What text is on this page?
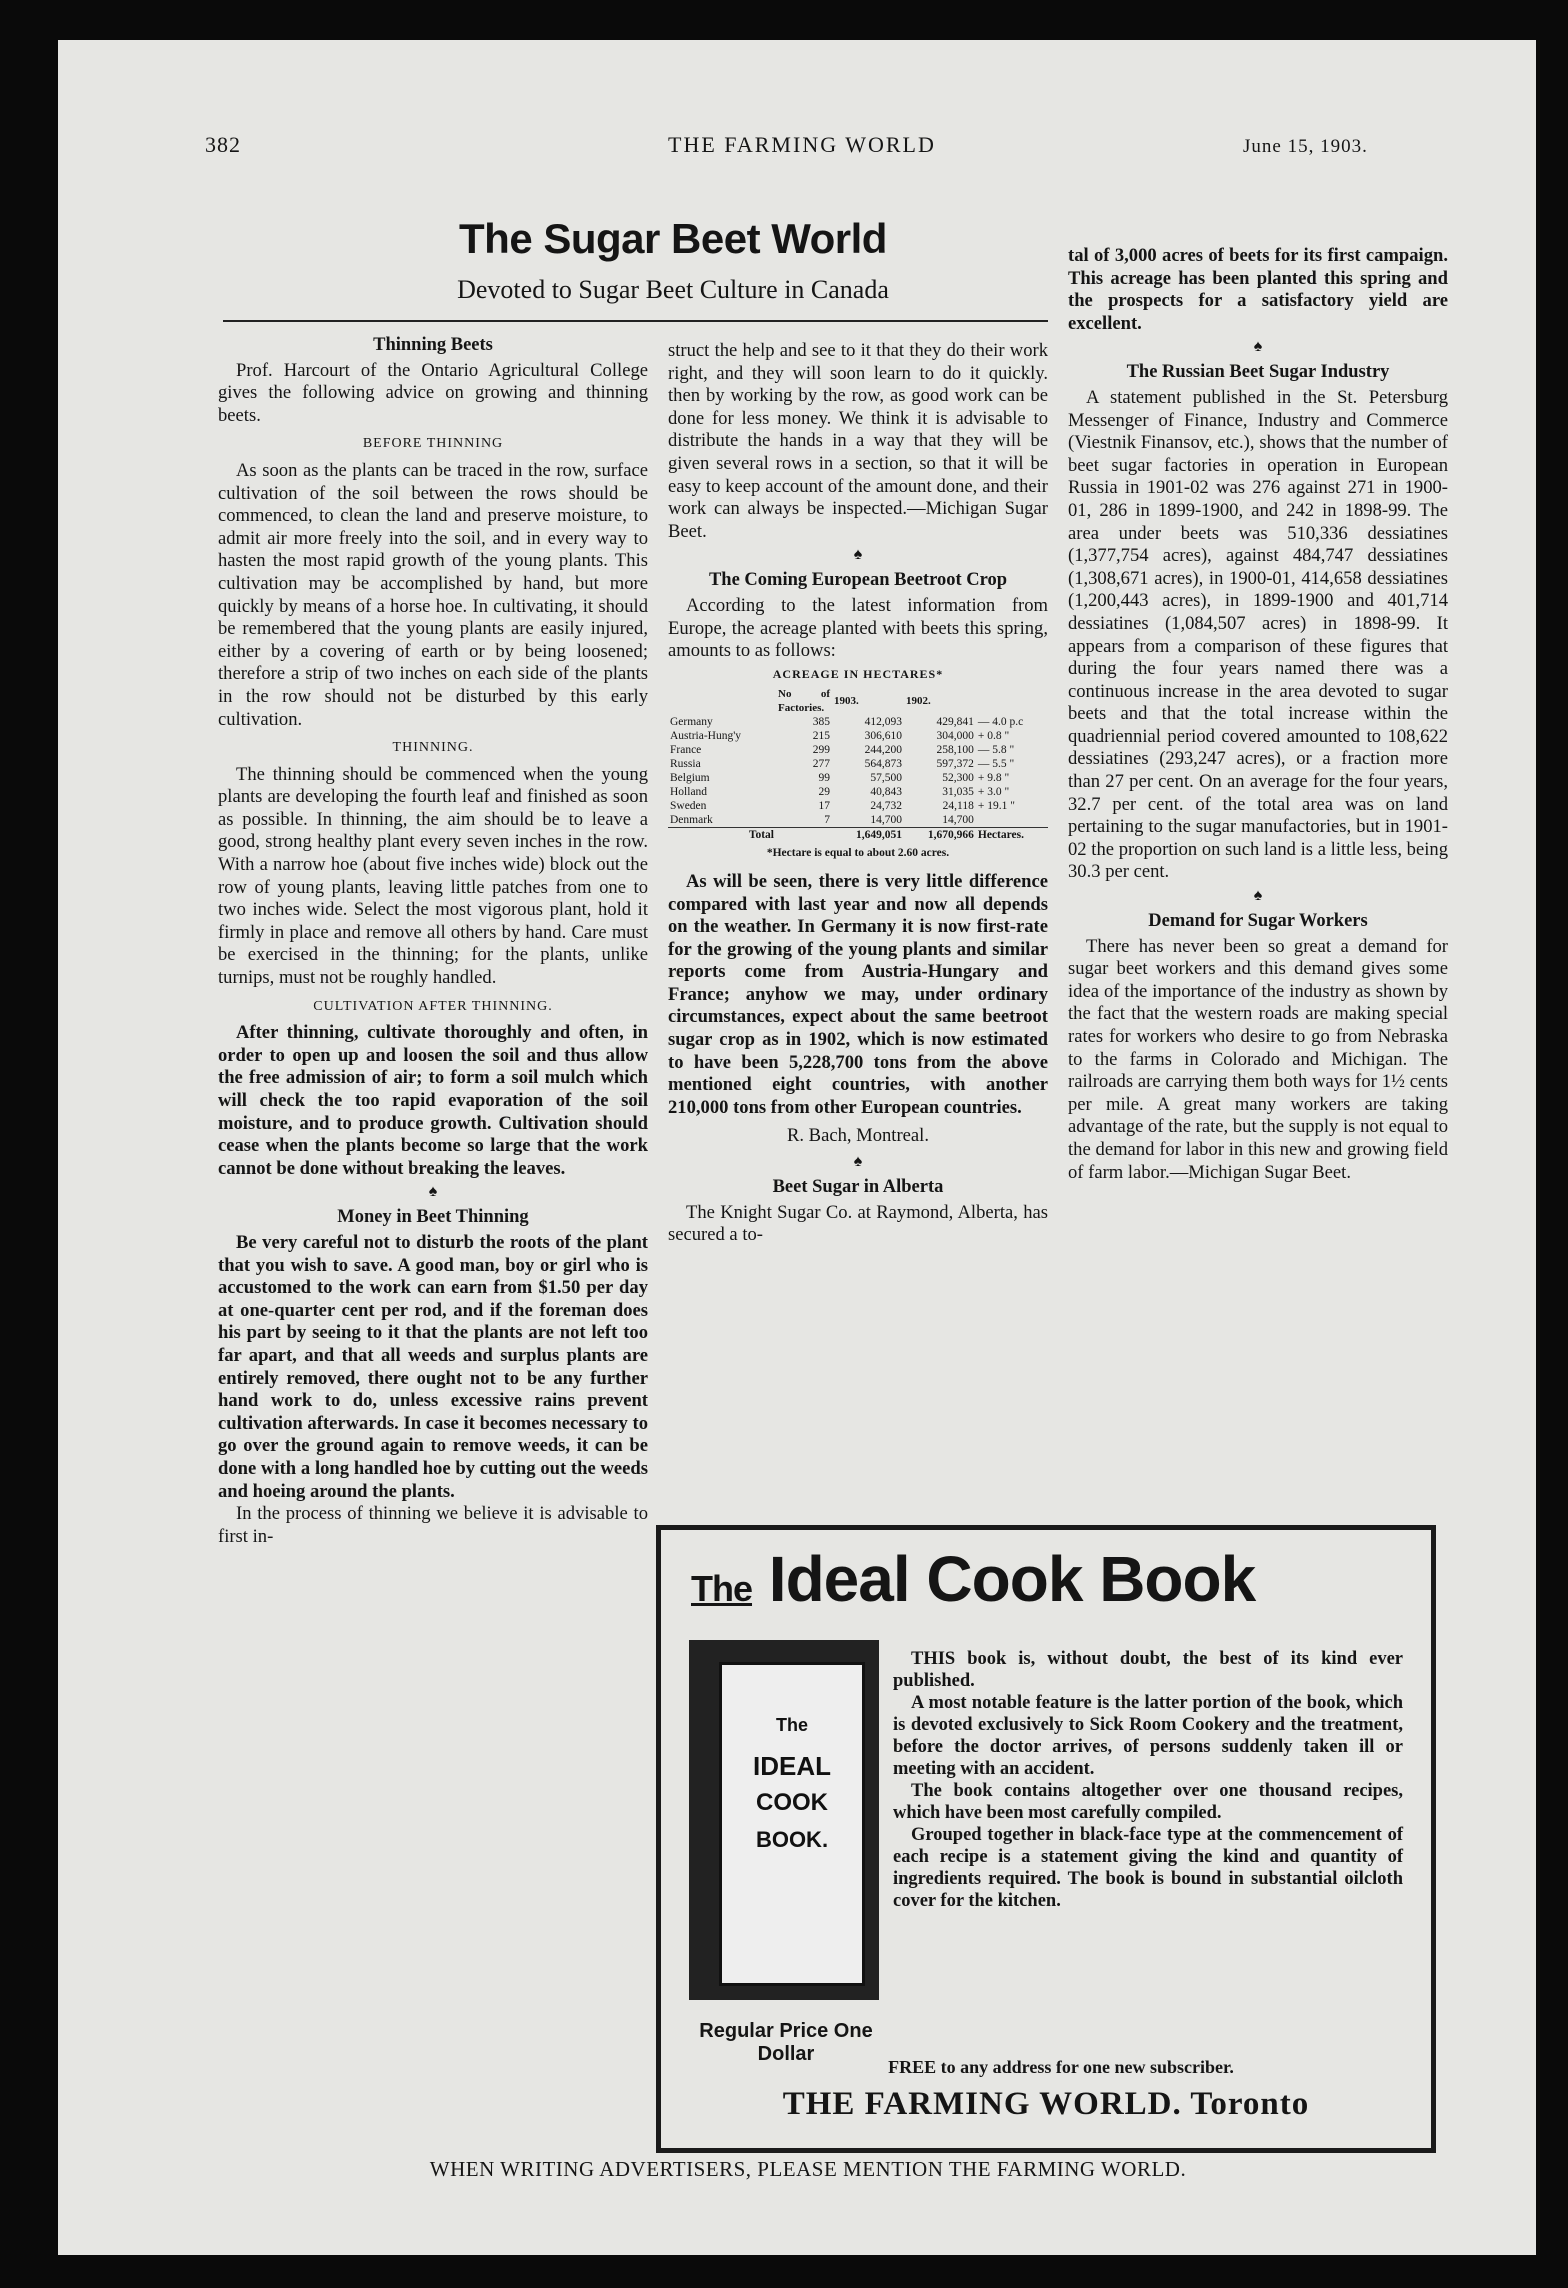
382	THE FARMING WORLD	June 15, 1903.
The Sugar Beet World
Devoted to Sugar Beet Culture in Canada
Thinning Beets

Prof. Harcourt of the Ontario Agricultural College gives the following advice on growing and thinning beets.

BEFORE THINNING

As soon as the plants can be traced in the row, surface cultivation of the soil between the rows should be commenced, to clean the land and preserve moisture, to admit air more freely into the soil, and in every way to hasten the most rapid growth of the young plants. This cultivation may be accomplished by hand, but more quickly by means of a horse hoe. In cultivating, it should be remembered that the young plants are easily injured, either by a covering of earth or by being loosened; therefore a strip of two inches on each side of the plants in the row should not be disturbed by this early cultivation.

THINNING.

The thinning should be commenced when the young plants are developing the fourth leaf and finished as soon as possible. In thinning, the aim should be to leave a good, strong healthy plant every seven inches in the row. With a narrow hoe (about five inches wide) block out the row of young plants, leaving little patches from one to two inches wide. Select the most vigorous plant, hold it firmly in place and remove all others by hand. Care must be exercised in the thinning; for the plants, unlike turnips, must not be roughly handled.

CULTIVATION AFTER THINNING.

After thinning, cultivate thoroughly and often, in order to open up and loosen the soil and thus allow the free admission of air; to form a soil mulch which will check the too rapid evaporation of the soil moisture, and to produce growth. Cultivation should cease when the plants become so large that the work cannot be done without breaking the leaves.

♠
Money in Beet Thinning

Be very careful not to disturb the roots of the plant that you wish to save. A good man, boy or girl who is accustomed to the work can earn from $1.50 per day at one-quarter cent per rod, and if the foreman does his part by seeing to it that the plants are not left too far apart, and that all weeds and surplus plants are entirely removed, there ought not to be any further hand work to do, unless excessive rains prevent cultivation afterwards. In case it becomes necessary to go over the ground again to remove weeds, it can be done with a long handled hoe by cutting out the weeds and hoeing around the plants.

In the process of thinning we believe it is advisable to first in-

struct the help and see to it that they do their work right, and they will soon learn to do it quickly. then by working by the row, as good work can be done for less money. We think it is advisable to distribute the hands in a way that they will be given several rows in a section, so that it will be easy to keep account of the amount done, and their work can always be inspected.—Michigan Sugar Beet.

♠
The Coming European Beetroot Crop

According to the latest information from Europe, the acreage planted with beets this spring, amounts to as follows:

ACREAGE IN HECTARES*
	No of Factories.	1903.	1902.	
Germany	385	412,093	429,841	— 4.0 p.c
Austria-Hung'y	215	306,610	304,000	+ 0.8 "
France	299	244,200	258,100	— 5.8 "
Russia	277	564,873	597,372	— 5.5 "
Belgium	99	57,500	52,300	+ 9.8 "
Holland	29	40,843	31,035	+ 3.0 "
Sweden	17	24,732	24,118	+ 19.1 "
Denmark	7	14,700	14,700	
Total		1,649,051	1,670,966	Hectares.
*Hectare is equal to about 2.60 acres.

As will be seen, there is very little difference compared with last year and now all depends on the weather. In Germany it is now first-rate for the growing of the young plants and similar reports come from Austria-Hungary and France; anyhow we may, under ordinary circumstances, expect about the same beetroot sugar crop as in 1902, which is now estimated to have been 5,228,700 tons from the above mentioned eight countries, with another 210,000 tons from other European countries.

R. Bach, Montreal.
♠
Beet Sugar in Alberta

The Knight Sugar Co. at Raymond, Alberta, has secured a to-

tal of 3,000 acres of beets for its first campaign. This acreage has been planted this spring and the prospects for a satisfactory yield are excellent.

♠
The Russian Beet Sugar Industry

A statement published in the St. Petersburg Messenger of Finance, Industry and Commerce (Viestnik Finansov, etc.), shows that the number of beet sugar factories in operation in European Russia in 1901-02 was 276 against 271 in 1900-01, 286 in 1899-1900, and 242 in 1898-99. The area under beets was 510,336 dessiatines (1,377,754 acres), against 484,747 dessiatines (1,308,671 acres), in 1900-01, 414,658 dessiatines (1,200,443 acres), in 1899-1900 and 401,714 dessiatines (1,084,507 acres) in 1898-99. It appears from a comparison of these figures that during the four years named there was a continuous increase in the area devoted to sugar beets and that the total increase within the quadriennial period covered amounted to 108,622 dessiatines (293,247 acres), or a fraction more than 27 per cent. On an average for the four years, 32.7 per cent. of the total area was on land pertaining to the sugar manufactories, but in 1901-02 the proportion on such land is a little less, being 30.3 per cent.

♠
Demand for Sugar Workers

There has never been so great a demand for sugar beet workers and this demand gives some idea of the importance of the industry as shown by the fact that the western roads are making special rates for workers who desire to go from Nebraska to the farms in Colorado and Michigan. The railroads are carrying them both ways for 1½ cents per mile. A great many workers are taking advantage of the rate, but the supply is not equal to the demand for labor in this new and growing field of farm labor.—Michigan Sugar Beet.

The Ideal Cook Book
The
IDEAL
COOK
BOOK.

THIS book is, without doubt, the best of its kind ever published.

A most notable feature is the latter portion of the book, which is devoted exclusively to Sick Room Cookery and the treatment, before the doctor arrives, of persons suddenly taken ill or meeting with an accident.

The book contains altogether over one thousand recipes, which have been most carefully compiled.

Grouped together in black-face type at the commencement of each recipe is a statement giving the kind and quantity of ingredients required. The book is bound in substantial oilcloth cover for the kitchen.

Regular Price One Dollar
FREE to any address for one new subscriber.
THE FARMING WORLD. Toronto
WHEN WRITING ADVERTISERS, PLEASE MENTION THE FARMING WORLD.
